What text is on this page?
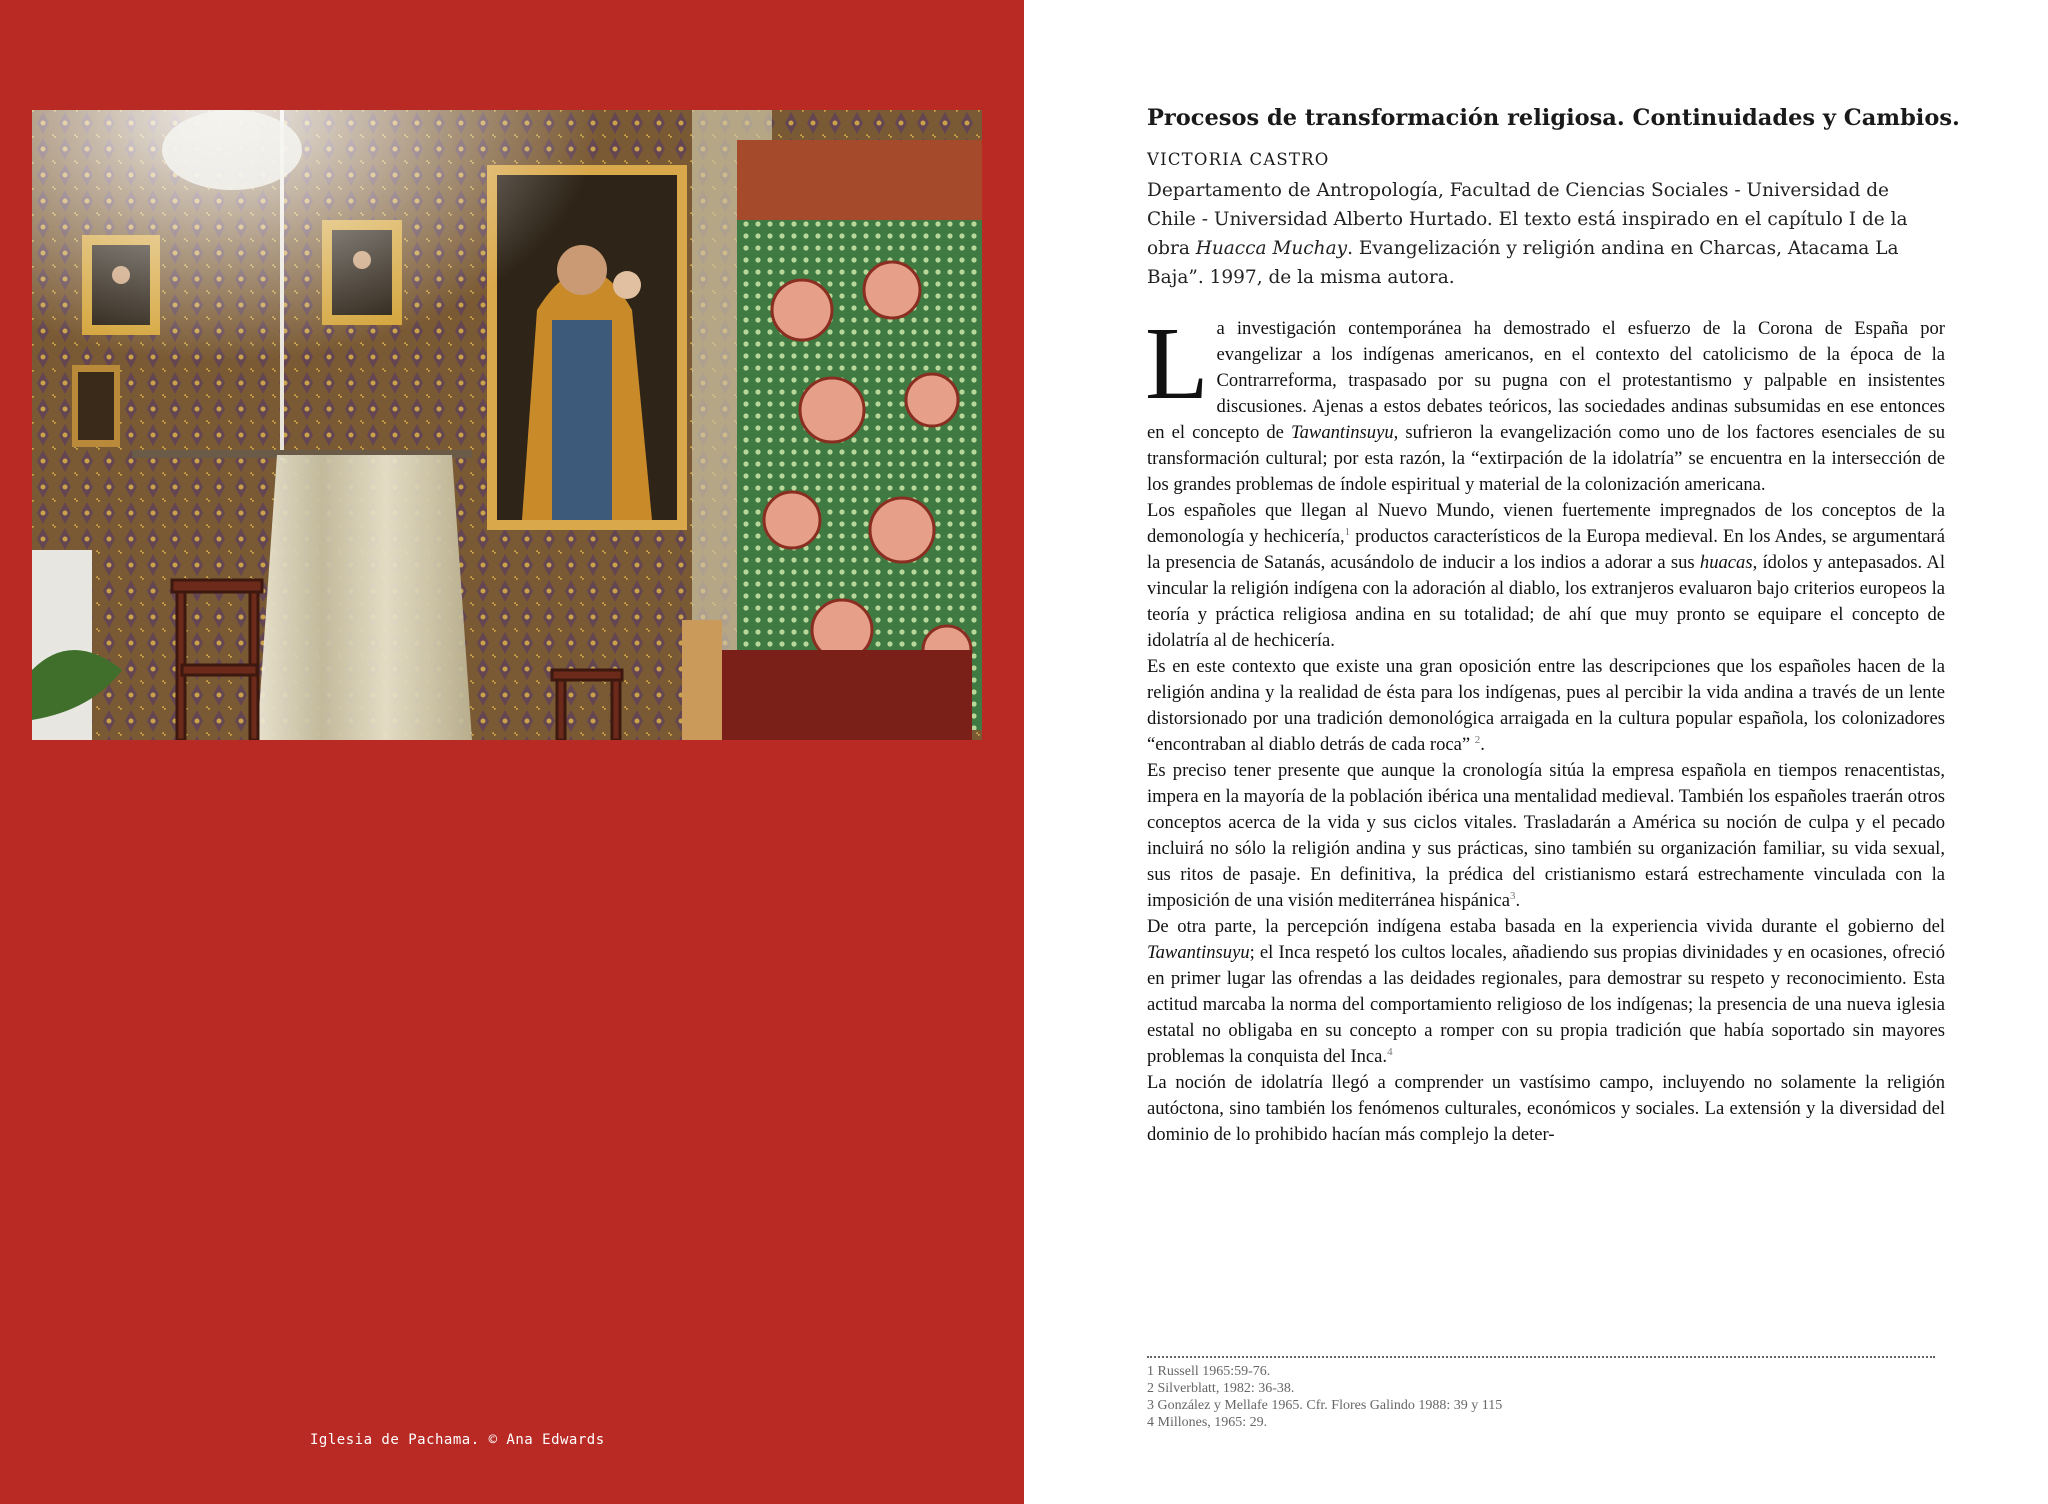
Iglesia de Pachama. © Ana Edwards
Procesos de transformación religiosa. Continuidades y Cambios.
VICTORIA CASTRO

Departamento de Antropología, Facultad de Ciencias Sociales - Universidad de Chile - Universidad Alberto Hurtado. El texto está inspirado en el capítulo I de la obra Huacca Muchay. Evangelización y religión andina en Charcas, Atacama La Baja”. 1997, de la misma autora.

La investigación contemporánea ha demostrado el esfuerzo de la Corona de España por evangelizar a los indígenas americanos, en el contexto del catolicismo de la época de la Contrarreforma, traspasado por su pugna con el protestantismo y palpable en insistentes discusiones. Ajenas a estos debates teóricos, las sociedades andinas subsumidas en ese entonces en el concepto de Tawantinsuyu, sufrieron la evangelización como uno de los factores esenciales de su transformación cultural; por esta razón, la “extirpación de la idolatría” se encuentra en la intersección de los grandes problemas de índole espiritual y material de la colonización americana.

Los españoles que llegan al Nuevo Mundo, vienen fuertemente impregnados de los conceptos de la demonología y hechicería,$^1$ productos característicos de la Europa medieval. En los Andes, se argumentará la presencia de Satanás, acusándolo de inducir a los indios a adorar a sus huacas, ídolos y antepasados. Al vincular la religión indígena con la adoración al diablo, los extranjeros evaluaron bajo criterios europeos la teoría y práctica religiosa andina en su totalidad; de ahí que muy pronto se equipare el concepto de idolatría al de hechicería.

Es en este contexto que existe una gran oposición entre las descripciones que los españoles hacen de la religión andina y la realidad de ésta para los indígenas, pues al percibir la vida andina a través de un lente distorsionado por una tradición demonológica arraigada en la cultura popular española, los colonizadores “encontraban al diablo detrás de cada roca” $^2$.

Es preciso tener presente que aunque la cronología sitúa la empresa española en tiempos renacentistas, impera en la mayoría de la población ibérica una mentalidad medieval. También los españoles traerán otros conceptos acerca de la vida y sus ciclos vitales. Trasladarán a América su noción de culpa y el pecado incluirá no sólo la religión andina y sus prácticas, sino también su organización familiar, su vida sexual, sus ritos de pasaje. En definitiva, la prédica del cristianismo estará estrechamente vinculada con la imposición de una visión mediterránea hispánica$^3$.

De otra parte, la percepción indígena estaba basada en la experiencia vivida durante el gobierno del Tawantinsuyu; el Inca respetó los cultos locales, añadiendo sus propias divinidades y en ocasiones, ofreció en primer lugar las ofrendas a las deidades regionales, para demostrar su respeto y reconocimiento. Esta actitud marcaba la norma del comportamiento religioso de los indígenas; la presencia de una nueva iglesia estatal no obligaba en su concepto a romper con su propia tradición que había soportado sin mayores problemas la conquista del Inca.$^4$

La noción de idolatría llegó a comprender un vastísimo campo, incluyendo no solamente la religión autóctona, sino también los fenómenos culturales, económicos y sociales. La extensión y la diversidad del dominio de lo prohibido hacían más complejo la deter-

1 Russell 1965:59-76.
2 Silverblatt, 1982: 36-38.
3 González y Mellafe 1965. Cfr. Flores Galindo 1988: 39 y 115
4 Millones, 1965: 29.
